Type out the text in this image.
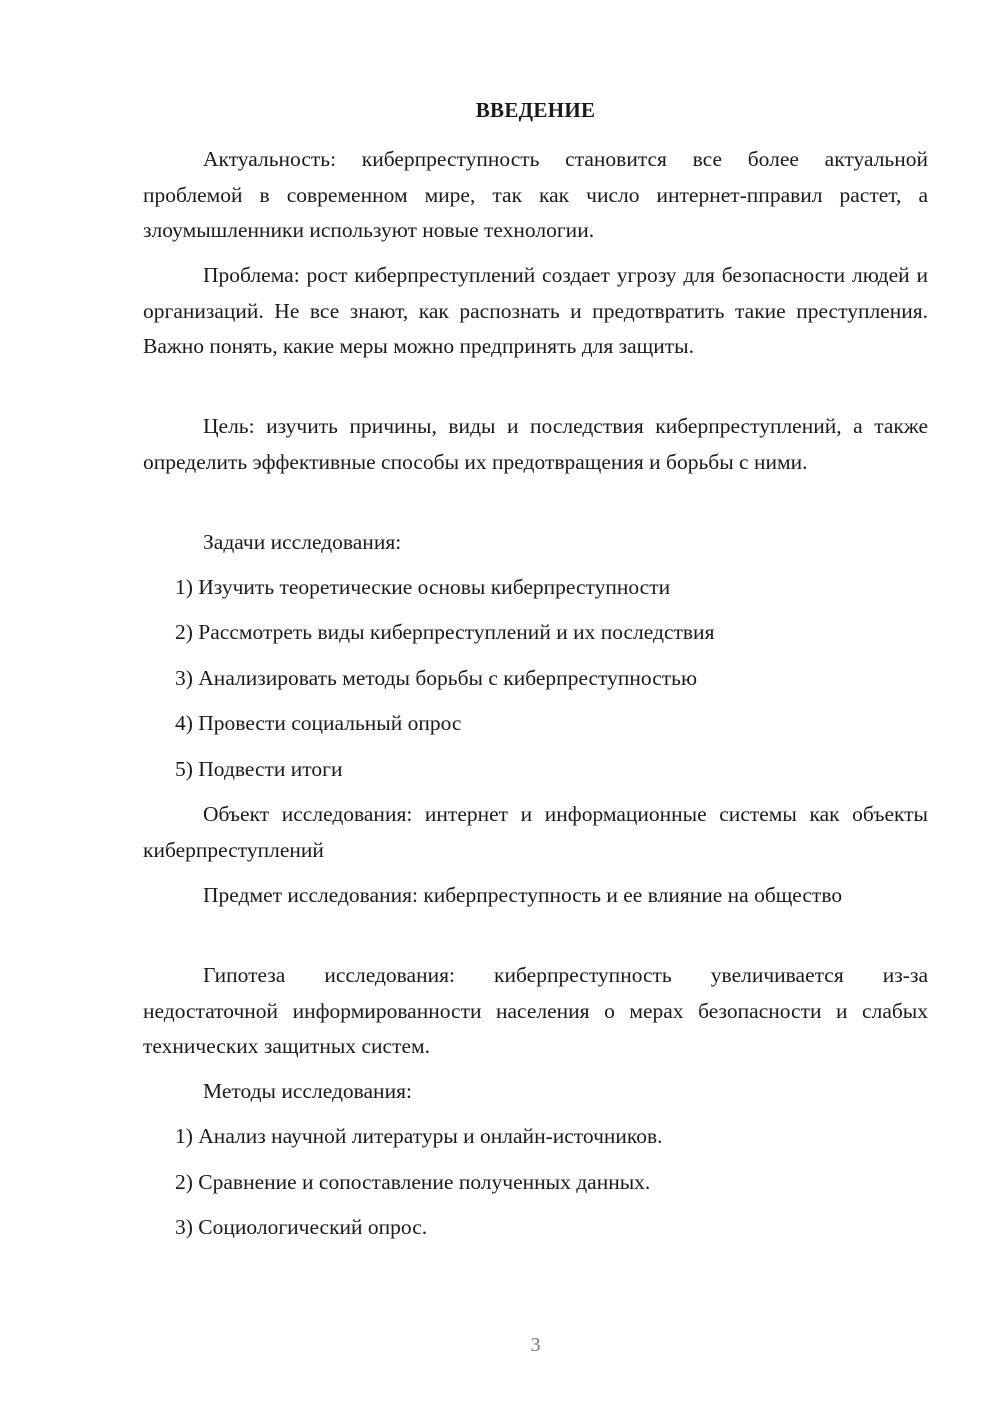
ВВЕДЕНИЕ

Актуальность: киберпреступность становится все более актуальной проблемой в современном мире, так как число интернет-пправил растет, а злоумышленники используют новые технологии.

Проблема: рост киберпреступлений создает угрозу для безопасности людей и организаций. Не все знают, как распознать и предотвратить такие преступления. Важно понять, какие меры можно предпринять для защиты.

Цель: изучить причины, виды и последствия киберпреступлений, а также определить эффективные способы их предотвращения и борьбы с ними.

Задачи исследования:

1) Изучить теоретические основы киберпреступности

2) Рассмотреть виды киберпреступлений и их последствия

3) Анализировать методы борьбы с киберпреступностью

4) Провести социальный опрос

5) Подвести итоги

Объект исследования: интернет и информационные системы как объекты киберпреступлений

Предмет исследования: киберпреступность и ее влияние на общество

Гипотеза исследования: киберпреступность увеличивается из-за недостаточной информированности населения о мерах безопасности и слабых технических защитных систем.

Методы исследования:

1) Анализ научной литературы и онлайн-источников.

2) Сравнение и сопоставление полученных данных.

3) Социологический опрос.

3
